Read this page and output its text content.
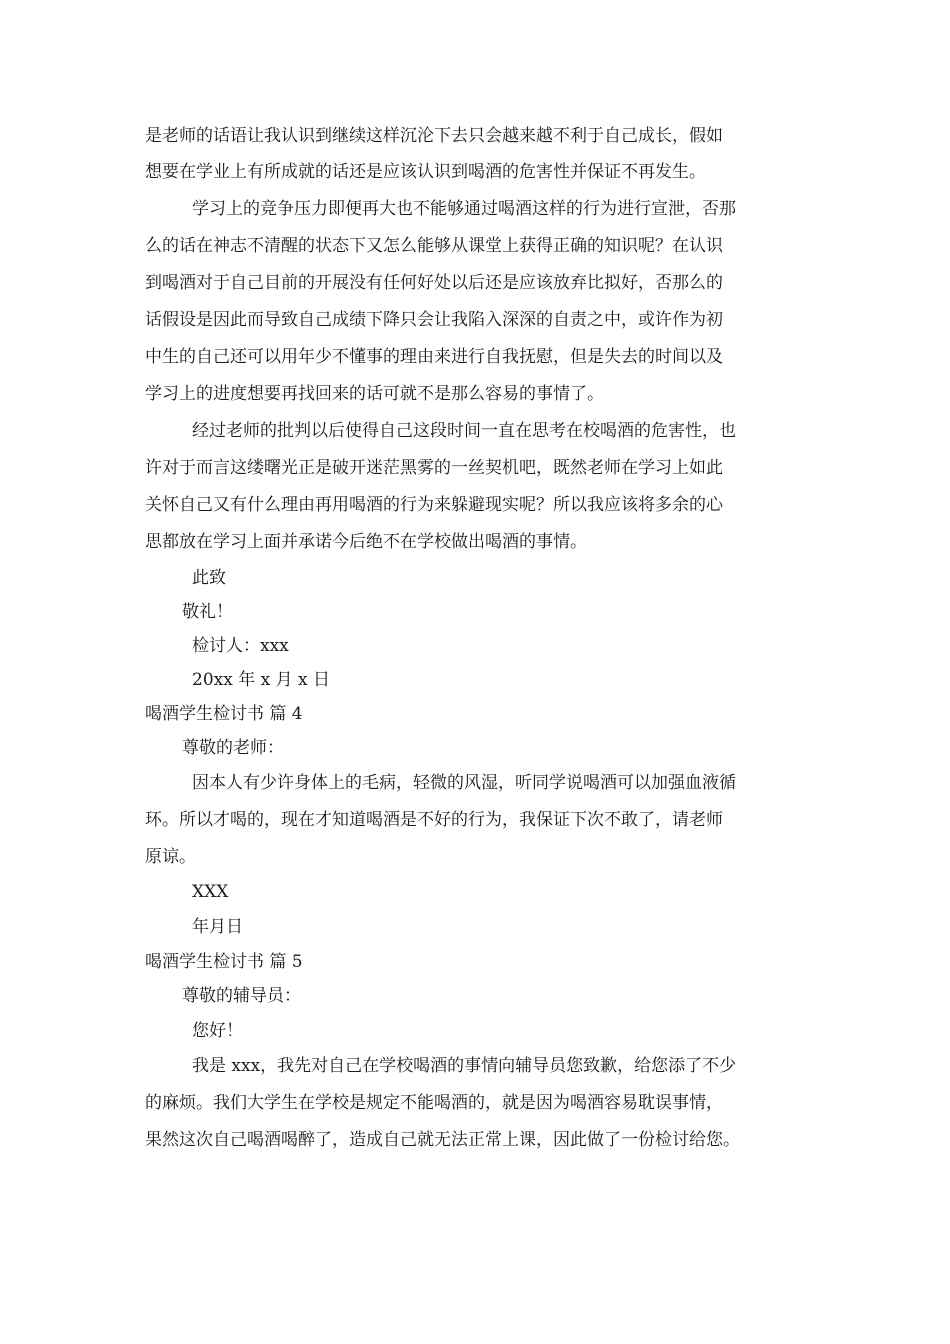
是老师的话语让我认识到继续这样沉沦下去只会越来越不利于自己成长，假如
想要在学业上有所成就的话还是应该认识到喝酒的危害性并保证不再发生。
学习上的竞争压力即便再大也不能够通过喝酒这样的行为进行宣泄，否那
么的话在神志不清醒的状态下又怎么能够从课堂上获得正确的知识呢？在认识
到喝酒对于自己目前的开展没有任何好处以后还是应该放弃比拟好，否那么的
话假设是因此而导致自己成绩下降只会让我陷入深深的自责之中，或许作为初
中生的自己还可以用年少不懂事的理由来进行自我抚慰，但是失去的时间以及
学习上的进度想要再找回来的话可就不是那么容易的事情了。
经过老师的批判以后使得自己这段时间一直在思考在校喝酒的危害性，也
许对于而言这缕曙光正是破开迷茫黑雾的一丝契机吧，既然老师在学习上如此
关怀自己又有什么理由再用喝酒的行为来躲避现实呢？所以我应该将多余的心
思都放在学习上面并承诺今后绝不在学校做出喝酒的事情。
此致
敬礼！
检讨人：xxx
20xx 年 x 月 x 日
喝酒学生检讨书 篇 4
尊敬的老师：
因本人有少许身体上的毛病，轻微的风湿，听同学说喝酒可以加强血液循
环。所以才喝的，现在才知道喝酒是不好的行为，我保证下次不敢了，请老师
原谅。
XXX
年月日
喝酒学生检讨书 篇 5
尊敬的辅导员：
您好！
我是 xxx，我先对自己在学校喝酒的事情向辅导员您致歉，给您添了不少
的麻烦。我们大学生在学校是规定不能喝酒的，就是因为喝酒容易耽误事情，
果然这次自己喝酒喝醉了，造成自己就无法正常上课，因此做了一份检讨给您。
